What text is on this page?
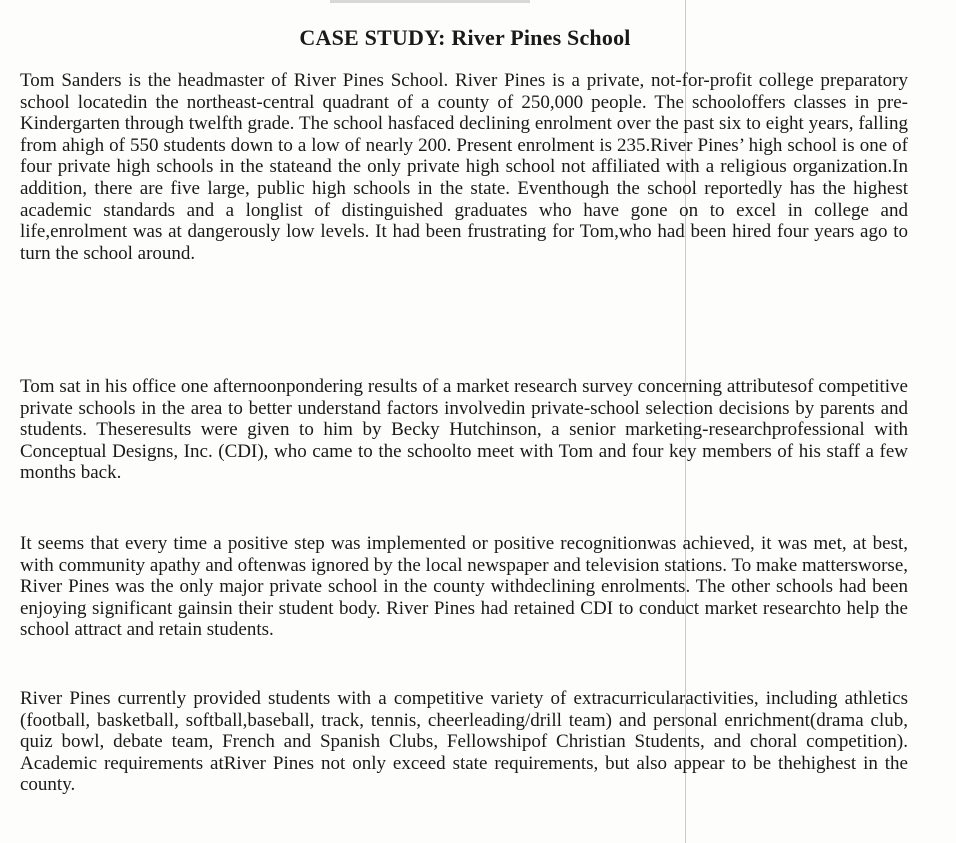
CASE STUDY: River Pines School

Tom Sanders is the headmaster of River Pines School. River Pines is a private, not-for-profit college preparatory school locatedin the northeast-central quadrant of a county of 250,000 people. The schooloffers classes in pre-Kindergarten through twelfth grade. The school hasfaced declining enrolment over the past six to eight years, falling from ahigh of 550 students down to a low of nearly 200. Present enrolment is 235.River Pines’ high school is one of four private high schools in the stateand the only private high school not affiliated with a religious organization.In addition, there are five large, public high schools in the state. Eventhough the school reportedly has the highest academic standards and a longlist of distinguished graduates who have gone on to excel in college and life,enrolment was at dangerously low levels. It had been frustrating for Tom,who had been hired four years ago to turn the school around.

Tom sat in his office one afternoonpondering results of a market research survey concerning attributesof competitive private schools in the area to better understand factors involvedin private-school selection decisions by parents and students. Theseresults were given to him by Becky Hutchinson, a senior marketing-researchprofessional with Conceptual Designs, Inc. (CDI), who came to the schoolto meet with Tom and four key members of his staff a few months back.

It seems that every time a positive step was implemented or positive recognitionwas achieved, it was met, at best, with community apathy and oftenwas ignored by the local newspaper and television stations. To make mattersworse, River Pines was the only major private school in the county withdeclining enrolments. The other schools had been enjoying significant gainsin their student body. River Pines had retained CDI to conduct market researchto help the school attract and retain students.

River Pines currently provided students with a competitive variety of extracurricularactivities, including athletics (football, basketball, softball,baseball, track, tennis, cheerleading/drill team) and personal enrichment(drama club, quiz bowl, debate team, French and Spanish Clubs, Fellowshipof Christian Students, and choral competition). Academic requirements atRiver Pines not only exceed state requirements, but also appear to be thehighest in the county.
